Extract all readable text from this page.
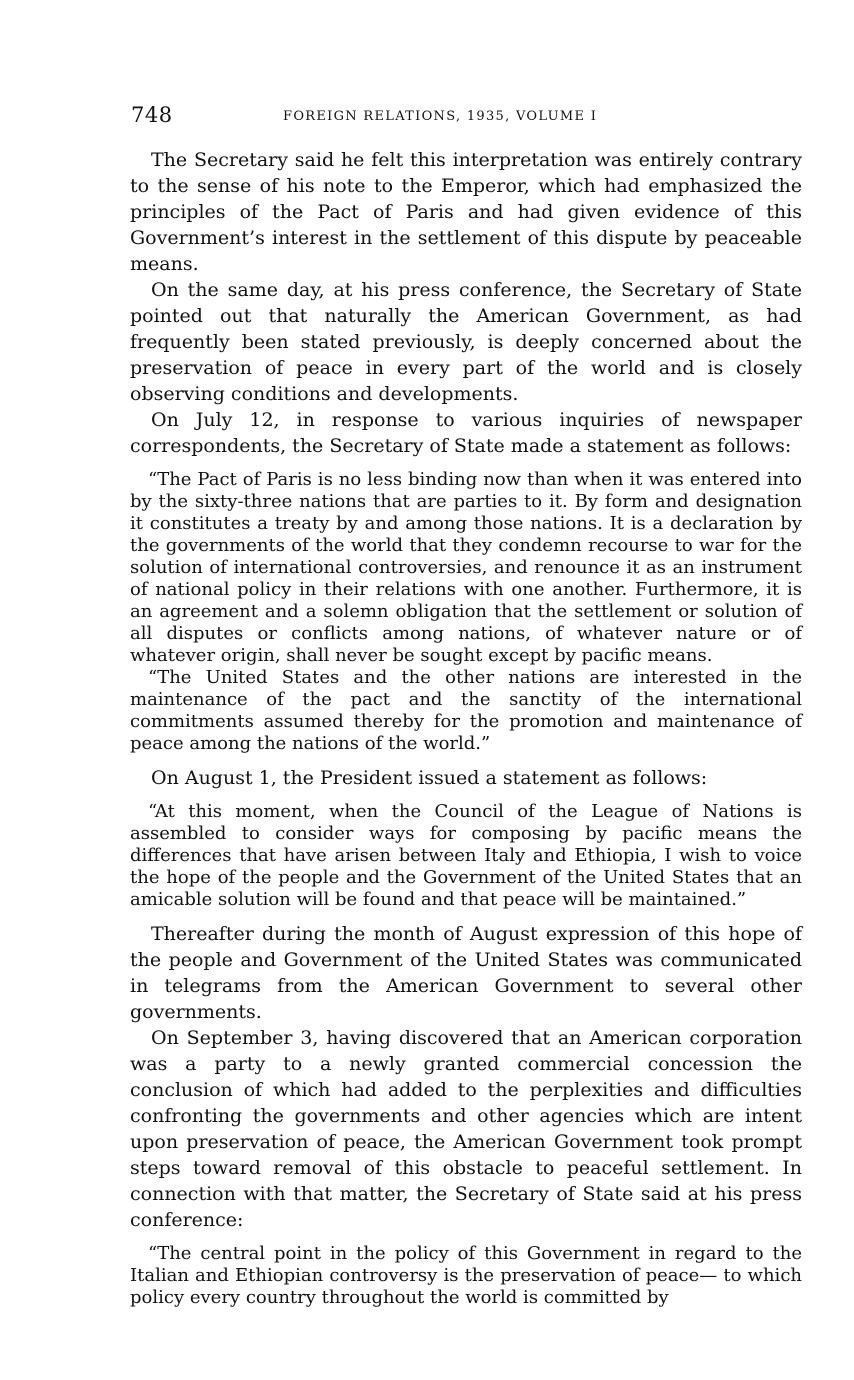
748	FOREIGN RELATIONS, 1935, VOLUME I

The Secretary said he felt this interpretation was entirely contrary to the sense of his note to the Emperor, which had emphasized the principles of the Pact of Paris and had given evidence of this Government’s interest in the settlement of this dispute by peaceable means.

On the same day, at his press conference, the Secretary of State pointed out that naturally the American Government, as had frequently been stated previously, is deeply concerned about the preservation of peace in every part of the world and is closely observing conditions and developments.

On July 12, in response to various inquiries of newspaper correspondents, the Secretary of State made a statement as follows:

“The Pact of Paris is no less binding now than when it was entered into by the sixty-three nations that are parties to it. By form and designation it constitutes a treaty by and among those nations. It is a declaration by the governments of the world that they condemn recourse to war for the solution of international controversies, and renounce it as an instrument of national policy in their relations with one another. Furthermore, it is an agreement and a solemn obligation that the settlement or solution of all disputes or conflicts among nations, of whatever nature or of whatever origin, shall never be sought except by pacific means.

“The United States and the other nations are interested in the maintenance of the pact and the sanctity of the international commitments assumed thereby for the promotion and maintenance of peace among the nations of the world.”

On August 1, the President issued a statement as follows:

“At this moment, when the Council of the League of Nations is assembled to consider ways for composing by pacific means the differences that have arisen between Italy and Ethiopia, I wish to voice the hope of the people and the Government of the United States that an amicable solution will be found and that peace will be maintained.”

Thereafter during the month of August expression of this hope of the people and Government of the United States was communicated in telegrams from the American Government to several other governments.

On September 3, having discovered that an American corporation was a party to a newly granted commercial concession the conclusion of which had added to the perplexities and difficulties confronting the governments and other agencies which are intent upon preservation of peace, the American Government took prompt steps toward removal of this obstacle to peaceful settlement. In connection with that matter, the Secretary of State said at his press conference:

“The central point in the policy of this Government in regard to the Italian and Ethiopian controversy is the preservation of peace— to which policy every country throughout the world is committed by
